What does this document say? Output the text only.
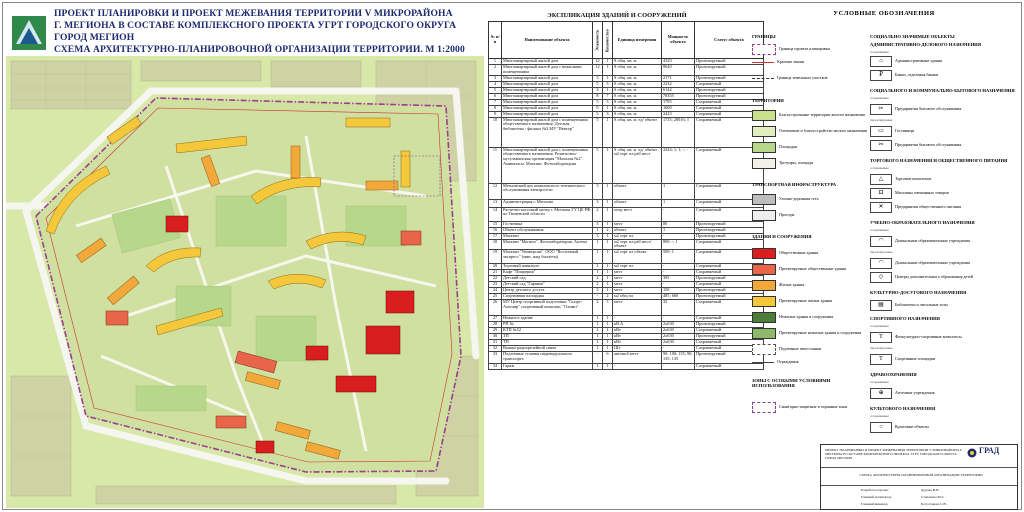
ПРОЕКТ ПЛАНИРОВКИ И ПРОЕКТ МЕЖЕВАНИЯ ТЕРРИТОРИИ V МИКРОРАЙОНА
Г. МЕГИОНА В СОСТАВЕ КОМПЛЕКСНОГО ПРОЕКТА УГРТ ГОРОДСКОГО ОКРУГА
ГОРОД МЕГИОН
СХЕМА АРХИТЕКТУРНО-ПЛАНИРОВОЧНОЙ ОРГАНИЗАЦИИ ТЕРРИТОРИИ. М 1:2000
ЭКСПЛИКАЦИЯ ЗДАНИЙ И СООРУЖЕНИЙ
№ п/п	Наименование объекта	Этажность	Количество	Единица измерения	Мощность объекта	Статус объекта
1	Многоквартирный жилой дом	12	1	S общ. кв. м.	4320	Проектируемый
2	Многоквартирный жилой дом с нежилыми помещениями	12	1	S общ. кв. м.	8640	Проектируемый
3	Многоквартирный жилой дом	3	1	S общ. кв. м.	2171	Проектируемый
4	Многоквартирный жилой дом	5	3	S общ. кв. м.	2232	Сохраняемый
5	Многоквартирный жилой дом	3	1	S общ. кв. м.	6144	Проектируемый
6	Многоквартирный жилой дом	8	7	S общ. кв. м.	78355	Проектируемый
7	Многоквартирный жилой дом	5	3	S общ. кв. м.	1795	Сохраняемый
8	Многоквартирный жилой дом	9	1	S общ. кв. м.	1600	Сохраняемый
9	Многоквартирный жилой дом	5	3	S общ. кв. м.	3423	Сохраняемый
10	Многоквартирный жилой дом с помещениями общественного назначения. Детская библиотека - филиал №3 МУ "Вектор"	5	1	S общ. кв. м. ед/ объект	1735; 20016; 1	Сохраняемый
11	Многоквартирный жилой дом с помещениями общественного назначения. Религиозно-мусульманская организация "Махалля №2". Аминазасы. Магазин. Фотолаборатория	5	1	S общ. кв. м. ед/ объект м2 торг пл раб мест	3344; 1; 1; -; -	Сохраняемый
12	Мегионский цех комплексного технического обслуживания электросети	3	1	объект	1	Сохраняемый
13	Администрация г. Мегиона	3	1	объект	1	Сохраняемый
14	Расчетно-кассовый центр г. Мегиона ГУ ЦБ РФ по Тюменской области	2	1	опер мест	-	Сохраняемый
15	Гостиница	3	1	мест	80	Проектируемый
16	Объект обслуживания	1	2	объект	1	Проектируемый
17	Магазин	3	1	м2 торг пл	-	Проектируемый
18	Магазин "Мегион". Фотолаборатория. Аптека	1	1	м2 торг пл раб мест/ объект	800; -; 1	Сохраняемый
19	Магазин "Универсам". ООО "Восточный экспресс" (мин. жид биллеты)	1	1	м2 торг пл объект	509; 1	Сохраняемый
20	Торговый павильон	1	1	м2 торг пл	-	Сохраняемый
21	Кафе "Пиццерия"	1	1	мест	-	Сохраняемый
22	Детский сад	2	1	мест	395	Проектируемый
23	Детский сад "Гаранок"	2	1	мест	-	Сохраняемый
24	Центр детского досуга	3	1	мест	150	Проектируемый
25	Спортивная площадка	-	2	м2 общ пл	485; 660	Проектируемый
26	МУ Центр спортивной подготовки "Спорт-Альтаир" спортивный комплекс "Олимп"	2	3	мест	35	Сохраняемый
27	Нежилое здание	1	1	-	-	Сохраняемый
28	РП №	1	1	кВ.А	2х630	Проектируемый
29	КТП №52	1	1	кВт	2х630	Сохраняемый
30	ТП	1	1	кВт	2х630	Проектируемый
31	ТП	1	1	кВт	2х630	Сохраняемый
32	Вышка радиорелейной связи	1	1	Шт	-	Сохраняемый
33	Подземные стоянки индивидуального транспорта	-	6	автомоб.мест	90; 100; 135; 90; 135; 135	Проектируемый
34	Гараж	1	1	-	-	Сохраняемый
УСЛОВНЫЕ ОБОЗНАЧЕНИЯ
ГРАНИЦЫ
Граница проекта планировки
Красные линии
Граница земельных участков
ТЕРРИТОРИИ
Благоустроенные территории жилого назначения
Озеленение и благоустройство жилого назначения
Площадки
Тротуары, площади
ТРАНСПОРТНАЯ ИНФРАСТРУКТУРА
Улично-дорожная сеть
Проезды
ЗДАНИЯ И СООРУЖЕНИЯ
Общественные здания
Проектируемые общественные здания
Жилые здания
Проектируемые жилые здания
Нежилые здания и сооружения
Проектируемые нежилые здания и сооружения
Подземные автостоянки
Ограждения
ЗОНЫ С ОСОБЫМИ УСЛОВИЯМИ ИСПОЛЬЗОВАНИЯ
Санитарно-защитные и охранные зоны
СОЦИАЛЬНО ЗНАЧИМЫЕ ОБЪЕКТЫ
АДМИНИСТРАТИВНО-ДЕЛОВОГО НАЗНАЧЕНИЯ
сохраняемые
⌂	Административные здания
₽	Банки, отделения банков
СОЦИАЛЬНОГО И КОММУНАЛЬНО-БЫТОВОГО НАЗНАЧЕНИЯ
сохраняемые
✂	Предприятия бытового обслуживания
проектируемые
▭	Гостиницы
✂	Предприятия бытового обслуживания
ТОРГОВОГО НАЗНАЧЕНИЯ И ОБЩЕСТВЕННОГО ПИТАНИЯ
сохраняемые
△	Торговые комплексы
⊡	Магазины смешанных товаров
✕	Предприятия общественного питания
УЧЕБНО-ОБРАЗОВАТЕЛЬНОГО НАЗНАЧЕНИЯ
сохраняемые
◠	Дошкольные образовательные учреждения
проектируемые
◠	Дошкольные образовательные учреждения
◇	Центры дополнительного образования детей
КУЛЬТУРНО-ДОСУГОВОГО НАЗНАЧЕНИЯ
▤	Библиотеки и читальные залы
СПОРТИВНОГО НАЗНАЧЕНИЯ
сохраняемые
T	Физкультурно-спортивные комплексы
проектируемые
T	Спортивные площадки
ЗДРАВООХРАНЕНИЯ
сохраняемые
⊕	Аптечные учреждения
КУЛЬТОВОГО НАЗНАЧЕНИЯ
сохраняемые
○	Культовые объекты
ПРОЕКТ ПЛАНИРОВКИ И ПРОЕКТ МЕЖЕВАНИЯ ТЕРРИТОРИИ V МИКРОРАЙОНА Г. МЕГИОНА В СОСТАВЕ КОМПЛЕКСНОГО ПРОЕКТА УГРТ ГОРОДСКОГО ОКРУГА ГОРОД МЕГИОН
ГРАД
СХЕМА АРХИТЕКТУРНО-ПЛАНИРОВОЧНОЙ ОРГАНИЗАЦИИ ТЕРРИТОРИИ
Разработал проект	Дурова Н.В.
Главный архитектор	Степанова М.Г.
Главный инженер	Богуславова С.В.
